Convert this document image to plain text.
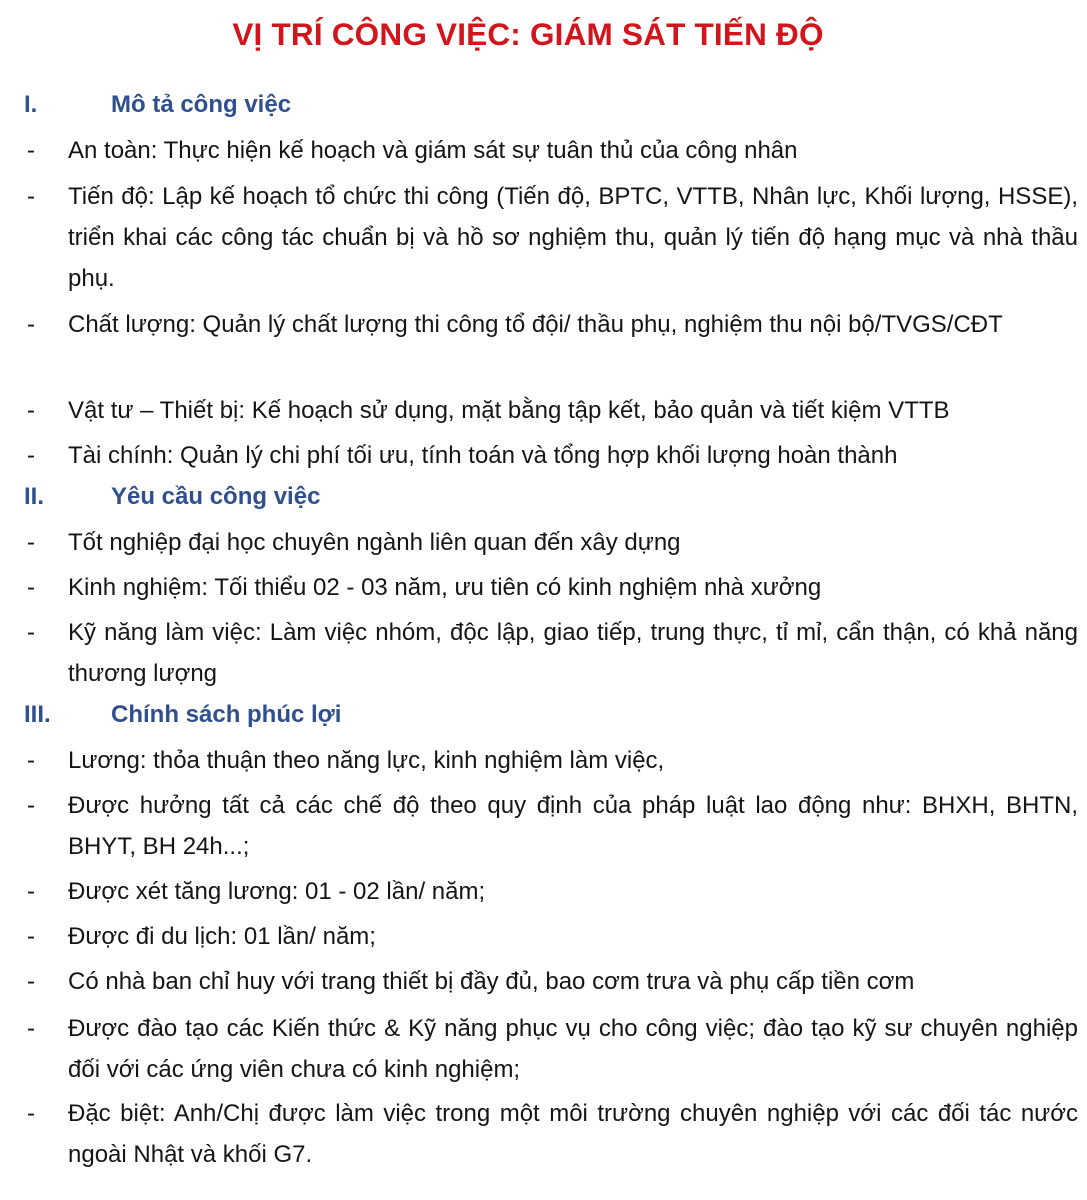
VỊ TRÍ CÔNG VIỆC: GIÁM SÁT TIẾN ĐỘ
I.	Mô tả công việc
- An toàn: Thực hiện kế hoạch và giám sát sự tuân thủ của công nhân
- Tiến độ: Lập kế hoạch tổ chức thi công (Tiến độ, BPTC, VTTB, Nhân lực, Khối lượng, HSSE), triển khai các công tác chuẩn bị và hồ sơ nghiệm thu, quản lý tiến độ hạng mục và nhà thầu phụ.
- Chất lượng: Quản lý chất lượng thi công tổ đội/ thầu phụ, nghiệm thu nội bộ/TVGS/CĐT
- Vật tư – Thiết bị: Kế hoạch sử dụng, mặt bằng tập kết, bảo quản và tiết kiệm VTTB
- Tài chính: Quản lý chi phí tối ưu, tính toán và tổng hợp khối lượng hoàn thành
II.	Yêu cầu công việc
- Tốt nghiệp đại học chuyên ngành liên quan đến xây dựng
- Kinh nghiệm: Tối thiểu 02 - 03 năm, ưu tiên có kinh nghiệm nhà xưởng
- Kỹ năng làm việc: Làm việc nhóm, độc lập, giao tiếp, trung thực, tỉ mỉ, cẩn thận, có khả năng thương lượng
III.	Chính sách phúc lợi
- Lương: thỏa thuận theo năng lực, kinh nghiệm làm việc,
- Được hưởng tất cả các chế độ theo quy định của pháp luật lao động như: BHXH, BHTN, BHYT, BH 24h...;
- Được xét tăng lương: 01 - 02 lần/ năm;
- Được đi du lịch: 01 lần/ năm;
- Có nhà ban chỉ huy với trang thiết bị đầy đủ, bao cơm trưa và phụ cấp tiền cơm
- Được đào tạo các Kiến thức & Kỹ năng phục vụ cho công việc; đào tạo kỹ sư chuyên nghiệp đối với các ứng viên chưa có kinh nghiệm;
- Đặc biệt: Anh/Chị được làm việc trong một môi trường chuyên nghiệp với các đối tác nước ngoài Nhật và khối G7.
